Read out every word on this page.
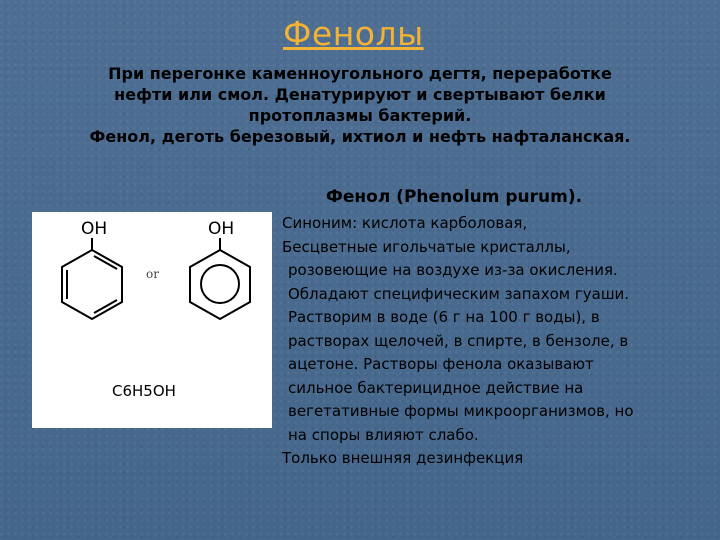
Фенолы
При перегонке каменноугольного дегтя, переработке
нефти или смол. Денатурируют и свертывают белки
протоплазмы бактерий.
Фенол, деготь березовый, ихтиол и нефть нафталанская.
Фенол (Phenolum purum).
OH
or
OH
C6H5OH
Синоним: кислота карболовая,
Бесцветные игольчатые кристаллы,
розовеющие на воздухе из-за окисления.
Обладают специфическим запахом гуаши.
Растворим в воде (6 г на 100 г воды), в
растворах щелочей, в спирте, в бензоле, в
ацетоне. Растворы фенола оказывают
сильное бактерицидное действие на
вегетативные формы микроорганизмов, но
на споры влияют слабо.
Только внешняя дезинфекция
